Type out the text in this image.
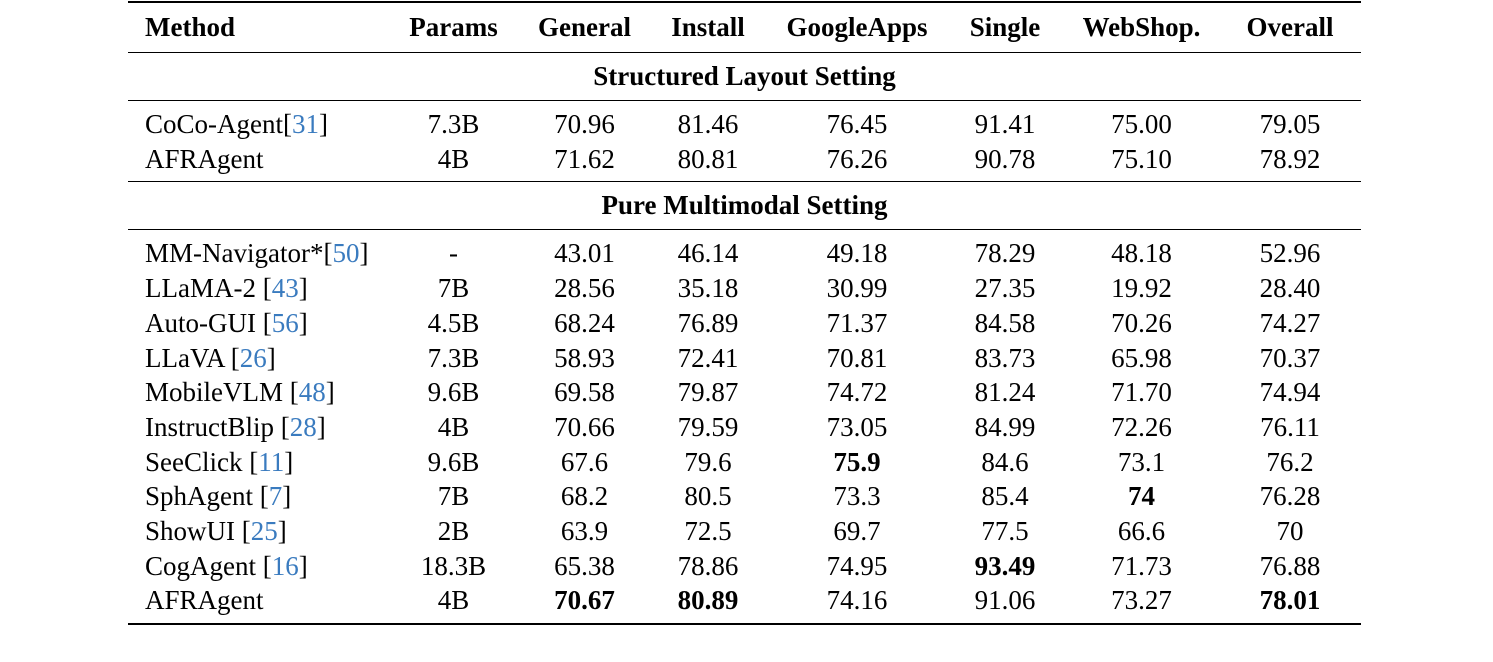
Method	Params	General	Install	GoogleApps	Single	WebShop.	Overall
Structured Layout Setting							
CoCo-Agent[31]	7.3B	70.96	81.46	76.45	91.41	75.00	79.05
AFRAgent	4B	71.62	80.81	76.26	90.78	75.10	78.92
Pure Multimodal Setting							
MM-Navigator*[50]	-	43.01	46.14	49.18	78.29	48.18	52.96
LLaMA-2 [43]	7B	28.56	35.18	30.99	27.35	19.92	28.40
Auto-GUI [56]	4.5B	68.24	76.89	71.37	84.58	70.26	74.27
LLaVA [26]	7.3B	58.93	72.41	70.81	83.73	65.98	70.37
MobileVLM [48]	9.6B	69.58	79.87	74.72	81.24	71.70	74.94
InstructBlip [28]	4B	70.66	79.59	73.05	84.99	72.26	76.11
SeeClick [11]	9.6B	67.6	79.6	75.9	84.6	73.1	76.2
SphAgent [7]	7B	68.2	80.5	73.3	85.4	74	76.28
ShowUI [25]	2B	63.9	72.5	69.7	77.5	66.6	70
CogAgent [16]	18.3B	65.38	78.86	74.95	93.49	71.73	76.88
AFRAgent	4B	70.67	80.89	74.16	91.06	73.27	78.01
